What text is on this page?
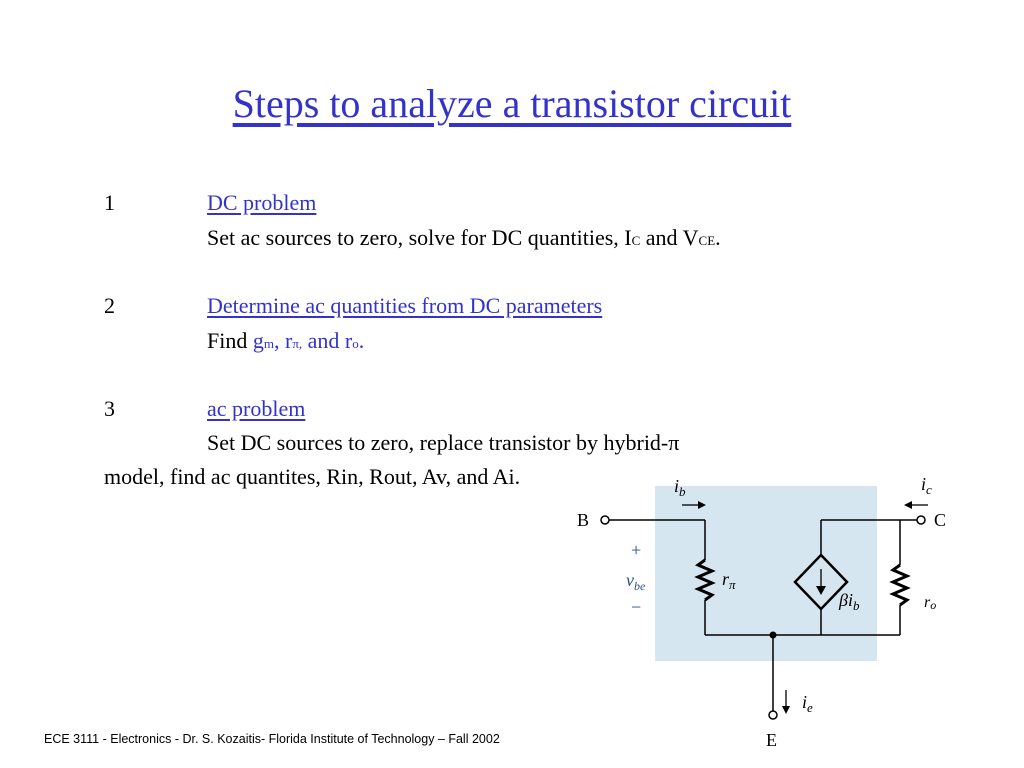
Steps to analyze a transistor circuit
1	DC problem
Set ac sources to zero, solve for DC quantities, IC and VCE.
2	Determine ac quantities from DC parameters
Find gm, rπ, and ro.
3	ac problem
Set DC sources to zero, replace transistor by hybrid-π
model, find ac quantites, Rin, Rout, Av, and Ai.
B	C
E
$i_b$	$i_c$
$i_e$
+
$v_{be}$
−
$r_\pi$
$\beta i_b$	ro
ECE 3111 - Electronics - Dr. S. Kozaitis- Florida Institute of Technology – Fall 2002
